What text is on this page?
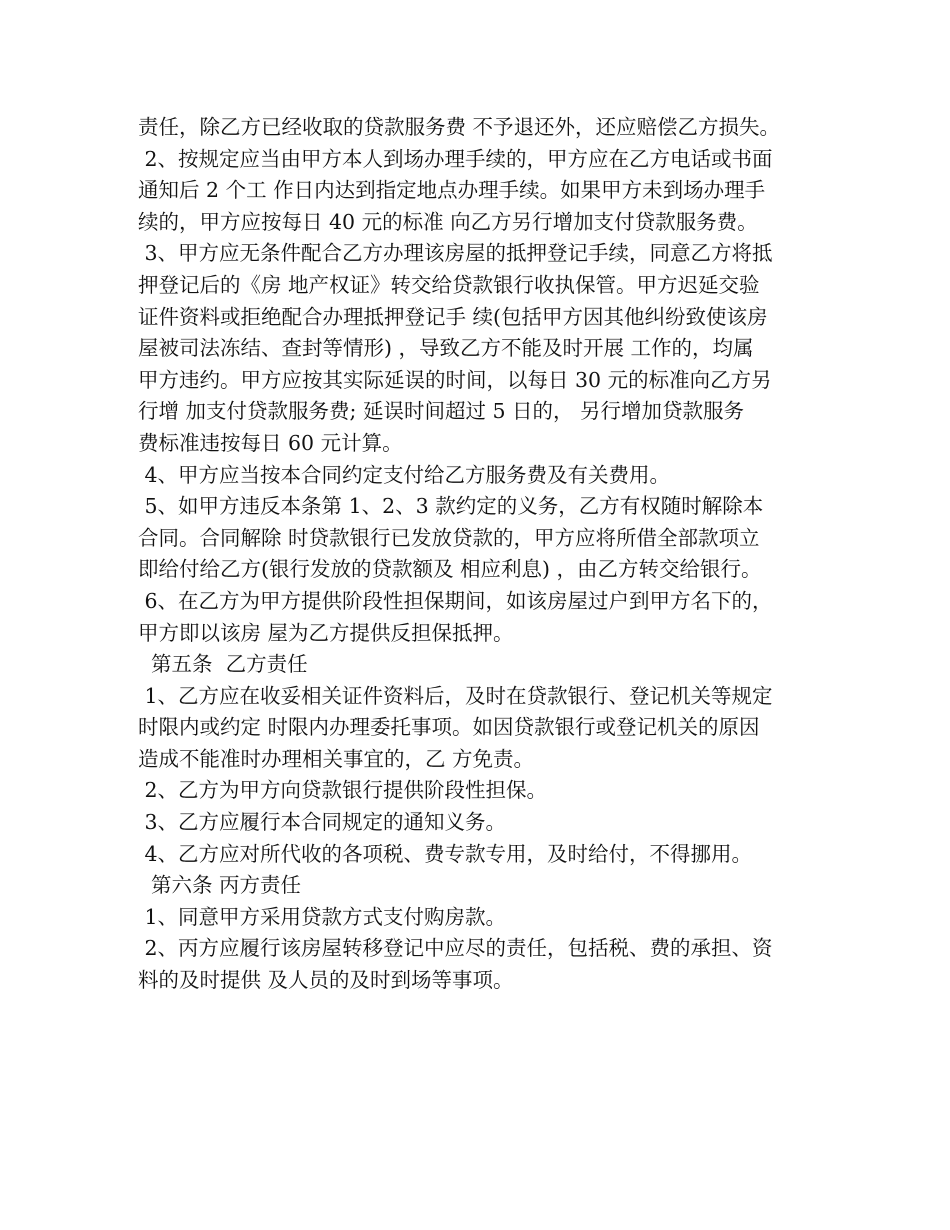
责任，除乙方已经收取的贷款服务费 不予退还外，还应赔偿乙方损失。
2、按规定应当由甲方本人到场办理手续的，甲方应在乙方电话或书面
通知后 2 个工 作日内达到指定地点办理手续。如果甲方未到场办理手
续的，甲方应按每日 40 元的标准 向乙方另行增加支付贷款服务费。
3、甲方应无条件配合乙方办理该房屋的抵押登记手续，同意乙方将抵
押登记后的《房 地产权证》转交给贷款银行收执保管。甲方迟延交验
证件资料或拒绝配合办理抵押登记手 续(包括甲方因其他纠纷致使该房
屋被司法冻结、查封等情形) ，导致乙方不能及时开展 工作的，均属
甲方违约。甲方应按其实际延误的时间，以每日 30 元的标准向乙方另
行增 加支付贷款服务费; 延误时间超过 5 日的， 另行增加贷款服务
费标准违按每日 60 元计算。
4、甲方应当按本合同约定支付给乙方服务费及有关费用。
5、如甲方违反本条第 1、2、3 款约定的义务，乙方有权随时解除本
合同。合同解除 时贷款银行已发放贷款的，甲方应将所借全部款项立
即给付给乙方(银行发放的贷款额及 相应利息) ，由乙方转交给银行。
6、在乙方为甲方提供阶段性担保期间，如该房屋过户到甲方名下的，
甲方即以该房 屋为乙方提供反担保抵押。
第五条  乙方责任
1、乙方应在收妥相关证件资料后，及时在贷款银行、登记机关等规定
时限内或约定 时限内办理委托事项。如因贷款银行或登记机关的原因
造成不能准时办理相关事宜的，乙 方免责。
2、乙方为甲方向贷款银行提供阶段性担保。
3、乙方应履行本合同规定的通知义务。
4、乙方应对所代收的各项税、费专款专用，及时给付，不得挪用。
第六条 丙方责任
1、同意甲方采用贷款方式支付购房款。
2、丙方应履行该房屋转移登记中应尽的责任，包括税、费的承担、资
料的及时提供 及人员的及时到场等事项。
